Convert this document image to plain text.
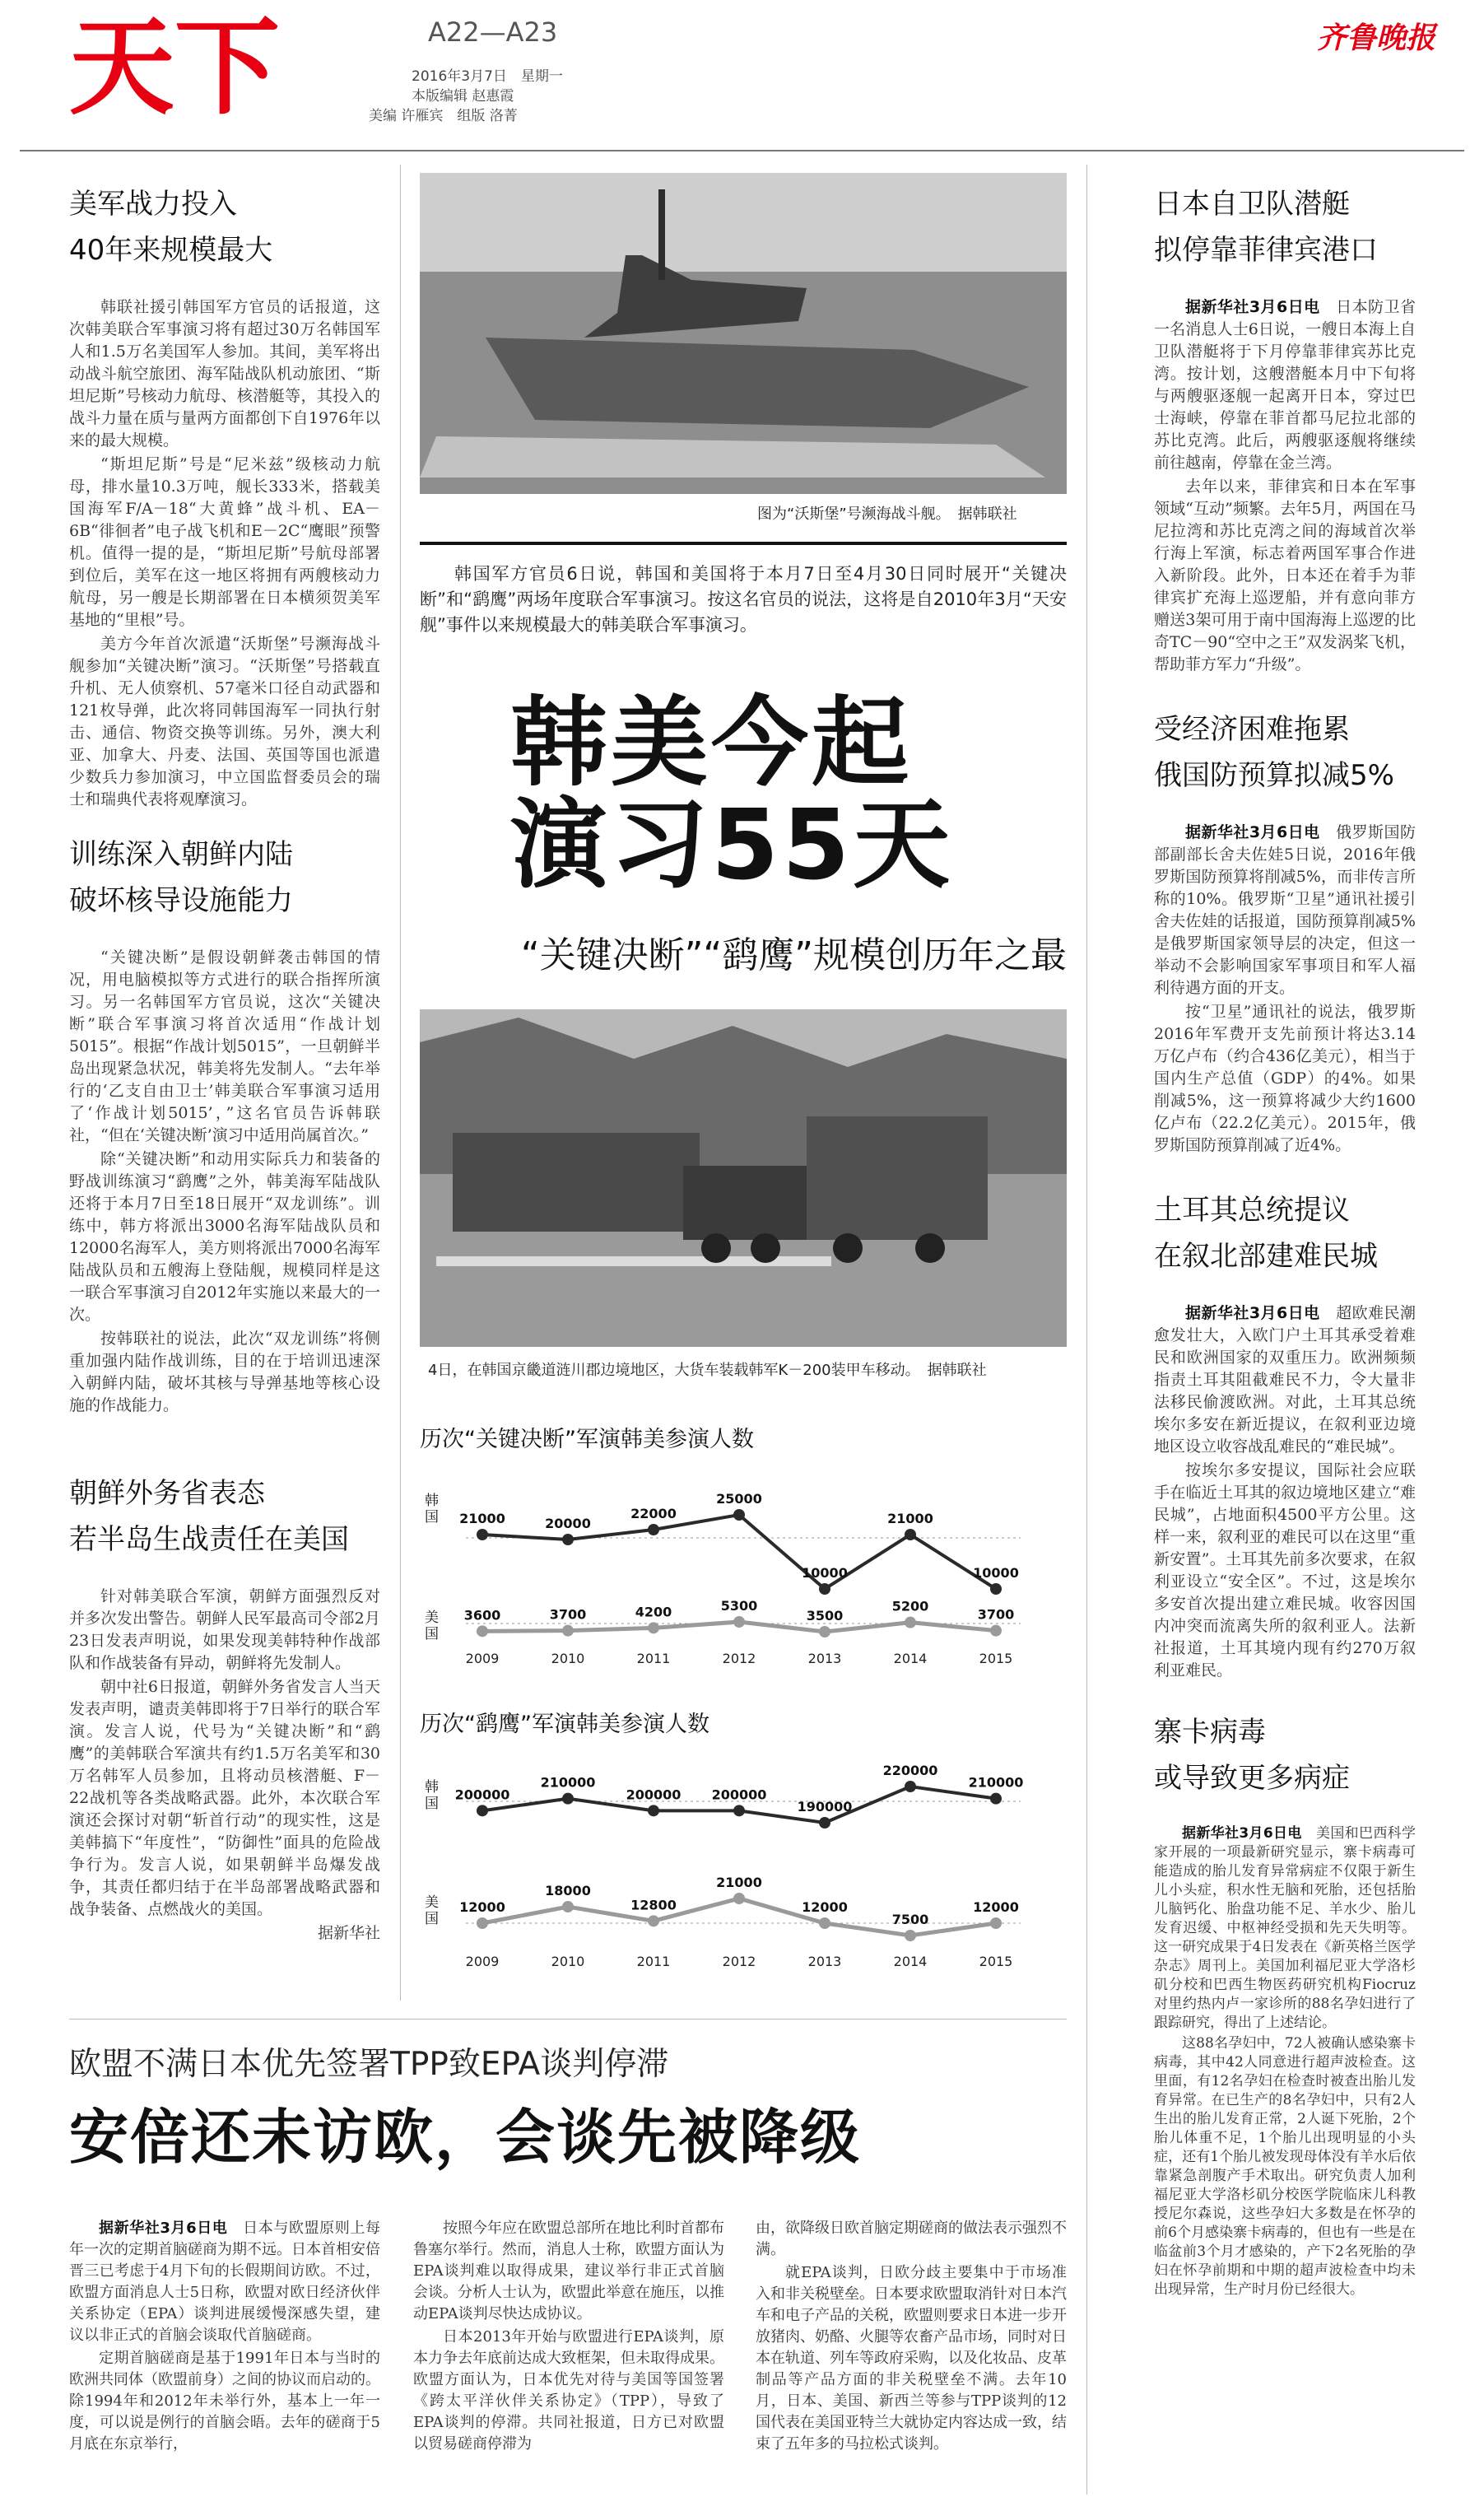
天下	A22—A23
2016年3月7日　星期一
本版编辑 赵惠霞
美编 许雁宾　组版 洛菁
齐鲁晚报
美军战力投入
40年来规模最大

韩联社援引韩国军方官员的话报道，这次韩美联合军事演习将有超过30万名韩国军人和1.5万名美国军人参加。其间，美军将出动战斗航空旅团、海军陆战队机动旅团、“斯坦尼斯”号核动力航母、核潜艇等，其投入的战斗力量在质与量两方面都创下自1976年以来的最大规模。

“斯坦尼斯”号是“尼米兹”级核动力航母，排水量10.3万吨，舰长333米，搭载美国海军F/A－18“大黄蜂”战斗机、EA－6B“徘徊者”电子战飞机和E－2C“鹰眼”预警机。值得一提的是，“斯坦尼斯”号航母部署到位后，美军在这一地区将拥有两艘核动力航母，另一艘是长期部署在日本横须贺美军基地的“里根”号。

美方今年首次派遣“沃斯堡”号濒海战斗舰参加“关键决断”演习。“沃斯堡”号搭载直升机、无人侦察机、57毫米口径自动武器和121枚导弹，此次将同韩国海军一同执行射击、通信、物资交换等训练。另外，澳大利亚、加拿大、丹麦、法国、英国等国也派遣少数兵力参加演习，中立国监督委员会的瑞士和瑞典代表将观摩演习。

训练深入朝鲜内陆
破坏核导设施能力

“关键决断”是假设朝鲜袭击韩国的情况，用电脑模拟等方式进行的联合指挥所演习。另一名韩国军方官员说，这次“关键决断”联合军事演习将首次适用“作战计划5015”。根据“作战计划5015”，一旦朝鲜半岛出现紧急状况，韩美将先发制人。“去年举行的‘乙支自由卫士’韩美联合军事演习适用了‘作战计划5015’，”这名官员告诉韩联社，“但在‘关键决断’演习中适用尚属首次。”

除“关键决断”和动用实际兵力和装备的野战训练演习“鹞鹰”之外，韩美海军陆战队还将于本月7日至18日展开“双龙训练”。训练中，韩方将派出3000名海军陆战队员和12000名海军人，美方则将派出7000名海军陆战队员和五艘海上登陆舰，规模同样是这一联合军事演习自2012年实施以来最大的一次。

按韩联社的说法，此次“双龙训练”将侧重加强内陆作战训练，目的在于培训迅速深入朝鲜内陆，破坏其核与导弹基地等核心设施的作战能力。

朝鲜外务省表态
若半岛生战责任在美国

针对韩美联合军演，朝鲜方面强烈反对并多次发出警告。朝鲜人民军最高司令部2月23日发表声明说，如果发现美韩特种作战部队和作战装备有异动，朝鲜将先发制人。

朝中社6日报道，朝鲜外务省发言人当天发表声明，谴责美韩即将于7日举行的联合军演。发言人说，代号为“关键决断”和“鹞鹰”的美韩联合军演共有约1.5万名美军和30万名韩军人员参加，且将动员核潜艇、F－22战机等各类战略武器。此外，本次联合军演还会探讨对朝“斩首行动”的现实性，这是美韩搞下“年度性”，“防御性”面具的危险战争行为。发言人说，如果朝鲜半岛爆发战争，其责任都归结于在半岛部署战略武器和战争装备、点燃战火的美国。

据新华社
图为“沃斯堡”号濒海战斗舰。　据韩联社

韩国军方官员6日说，韩国和美国将于本月7日至4月30日同时展开“关键决断”和“鹞鹰”两场年度联合军事演习。按这名官员的说法，这将是自2010年3月“天安舰”事件以来规模最大的韩美联合军事演习。

韩美今起
演习55天
“关键决断”“鹞鹰”规模创历年之最
4日，在韩国京畿道涟川郡边境地区，大货车装载韩军K－200装甲车移动。　据韩联社
历次“关键决断”军演韩美参演人数
韩国 21000	20000
22000
25000
10000
21000
10000
美国
3600	3700	4200	5300
3500
5200
3700
2009	2010	2011	2012	2013	2014	2015
历次“鹞鹰”军演韩美参演人数
韩国
200000
210000
200000 200000
190000
220000
210000
美国
12000
18000
12800
21000
12000
7500
12000
2009	2010	2011	2012	2013	2014	2015
日本自卫队潜艇
拟停靠菲律宾港口

据新华社3月6日电　 日本防卫省一名消息人士6日说，一艘日本海上自卫队潜艇将于下月停靠菲律宾苏比克湾。按计划，这艘潜艇本月中下旬将与两艘驱逐舰一起离开日本，穿过巴士海峡，停靠在菲首都马尼拉北部的苏比克湾。此后，两艘驱逐舰将继续前往越南，停靠在金兰湾。

去年以来，菲律宾和日本在军事领域“互动”频繁。去年5月，两国在马尼拉湾和苏比克湾之间的海域首次举行海上军演，标志着两国军事合作进入新阶段。此外，日本还在着手为菲律宾扩充海上巡逻船，并有意向菲方赠送3架可用于南中国海海上巡逻的比奇TC－90“空中之王”双发涡桨飞机，帮助菲方军力“升级”。

受经济困难拖累
俄国防预算拟减5%

据新华社3月6日电　 俄罗斯国防部副部长舍夫佐娃5日说，2016年俄罗斯国防预算将削减5%，而非传言所称的10%。俄罗斯“卫星”通讯社援引舍夫佐娃的话报道，国防预算削减5%是俄罗斯国家领导层的决定，但这一举动不会影响国家军事项目和军人福利待遇方面的开支。

按“卫星”通讯社的说法，俄罗斯2016年军费开支先前预计将达3.14万亿卢布（约合436亿美元），相当于国内生产总值（GDP）的4%。如果削减5%，这一预算将减少大约1600亿卢布（22.2亿美元）。2015年，俄罗斯国防预算削减了近4%。

土耳其总统提议
在叙北部建难民城

据新华社3月6日电　 超欧难民潮愈发壮大，入欧门户土耳其承受着难民和欧洲国家的双重压力。欧洲频频指责土耳其阻截难民不力，令大量非法移民偷渡欧洲。对此，土耳其总统埃尔多安在新近提议，在叙利亚边境地区设立收容战乱难民的“难民城”。

按埃尔多安提议，国际社会应联手在临近土耳其的叙边境地区建立“难民城”，占地面积4500平方公里。这样一来，叙利亚的难民可以在这里“重新安置”。土耳其先前多次要求，在叙利亚设立“安全区”。不过，这是埃尔多安首次提出建立难民城。收容因国内冲突而流离失所的叙利亚人。法新社报道，土耳其境内现有约270万叙利亚难民。

寨卡病毒
或导致更多病症

据新华社3月6日电　 美国和巴西科学家开展的一项最新研究显示，寨卡病毒可能造成的胎儿发育异常病症不仅限于新生儿小头症，积水性无脑和死胎，还包括胎儿脑钙化、胎盘功能不足、羊水少、胎儿发育迟缓、中枢神经受损和先天失明等。这一研究成果于4日发表在《新英格兰医学杂志》周刊上。美国加利福尼亚大学洛杉矶分校和巴西生物医药研究机构Fiocruz对里约热内卢一家诊所的88名孕妇进行了跟踪研究，得出了上述结论。

这88名孕妇中，72人被确认感染寨卡病毒，其中42人同意进行超声波检查。这里面，有12名孕妇在检查时被查出胎儿发育异常。在已生产的8名孕妇中，只有2人生出的胎儿发育正常，2人诞下死胎，2个胎儿体重不足，1个胎儿出现明显的小头症，还有1个胎儿被发现母体没有羊水后依靠紧急剖腹产手术取出。研究负责人加利福尼亚大学洛杉矶分校医学院临床儿科教授尼尔森说，这些孕妇大多数是在怀孕的前6个月感染寨卡病毒的，但也有一些是在临盆前3个月才感染的，产下2名死胎的孕妇在怀孕前期和中期的超声波检查中均未出现异常，生产时月份已经很大。

欧盟不满日本优先签署TPP致EPA谈判停滞
安倍还未访欧，会谈先被降级

据新华社3月6日电　 日本与欧盟原则上每年一次的定期首脑磋商为期不远。日本首相安倍晋三已考虑于4月下旬的长假期间访欧。不过，欧盟方面消息人士5日称，欧盟对欧日经济伙伴关系协定（EPA）谈判进展缓慢深感失望，建议以非正式的首脑会谈取代首脑磋商。

定期首脑磋商是基于1991年日本与当时的欧洲共同体（欧盟前身）之间的协议而启动的。除1994年和2012年未举行外，基本上一年一度，可以说是例行的首脑会晤。去年的磋商于5月底在东京举行，

按照今年应在欧盟总部所在地比利时首都布鲁塞尔举行。然而，消息人士称，欧盟方面认为EPA谈判难以取得成果，建议举行非正式首脑会谈。分析人士认为，欧盟此举意在施压，以推动EPA谈判尽快达成协议。

日本2013年开始与欧盟进行EPA谈判，原本力争去年底前达成大致框架，但未取得成果。欧盟方面认为，日本优先对待与美国等国签署《跨太平洋伙伴关系协定》（TPP），导致了EPA谈判的停滞。共同社报道，日方已对欧盟以贸易磋商停滞为

由，欲降级日欧首脑定期磋商的做法表示强烈不满。

就EPA谈判，日欧分歧主要集中于市场准入和非关税壁垒。日本要求欧盟取消针对日本汽车和电子产品的关税，欧盟则要求日本进一步开放猪肉、奶酪、火腿等农畜产品市场，同时对日本在轨道、列车等政府采购，以及化妆品、皮革制品等产品方面的非关税壁垒不满。去年10月，日本、美国、新西兰等参与TPP谈判的12国代表在美国亚特兰大就协定内容达成一致，结束了五年多的马拉松式谈判。
